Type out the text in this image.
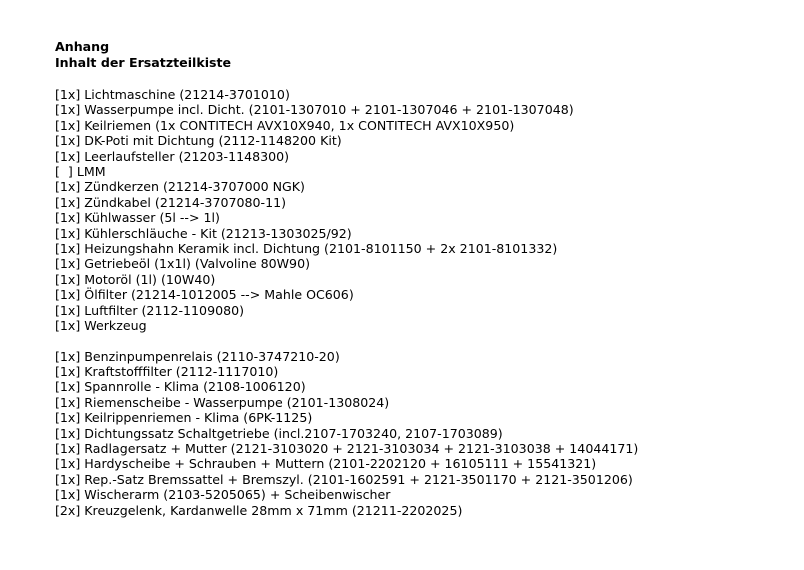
Anhang
Inhalt der Ersatzteilkiste
[1x] Lichtmaschine (21214-3701010)
[1x] Wasserpumpe incl. Dicht. (2101-1307010 + 2101-1307046 + 2101-1307048)
[1x] Keilriemen (1x CONTITECH AVX10X940, 1x CONTITECH AVX10X950)
[1x] DK-Poti mit Dichtung (2112-1148200 Kit)
[1x] Leerlaufsteller (21203-1148300)
[  ] LMM
[1x] Zündkerzen (21214-3707000 NGK)
[1x] Zündkabel (21214-3707080-11)
[1x] Kühlwasser (5l --> 1l)
[1x] Kühlerschläuche - Kit (21213-1303025/92)
[1x] Heizungshahn Keramik incl. Dichtung (2101-8101150 + 2x 2101-8101332)
[1x] Getriebeöl (1x1l) (Valvoline 80W90)
[1x] Motoröl (1l) (10W40)
[1x] Ölfilter (21214-1012005 --> Mahle OC606)
[1x] Luftfilter (2112-1109080)
[1x] Werkzeug
[1x] Benzinpumpenrelais (2110-3747210-20)
[1x] Kraftstofffilter (2112-1117010)
[1x] Spannrolle - Klima (2108-1006120)
[1x] Riemenscheibe - Wasserpumpe (2101-1308024)
[1x] Keilrippenriemen - Klima (6PK-1125)
[1x] Dichtungssatz Schaltgetriebe (incl.2107-1703240, 2107-1703089)
[1x] Radlagersatz + Mutter (2121-3103020 + 2121-3103034 + 2121-3103038 + 14044171)
[1x] Hardyscheibe + Schrauben + Muttern (2101-2202120 + 16105111 + 15541321)
[1x] Rep.-Satz Bremssattel + Bremszyl. (2101-1602591 + 2121-3501170 + 2121-3501206)
[1x] Wischerarm (2103-5205065) + Scheibenwischer
[2x] Kreuzgelenk, Kardanwelle 28mm x 71mm (21211-2202025)
